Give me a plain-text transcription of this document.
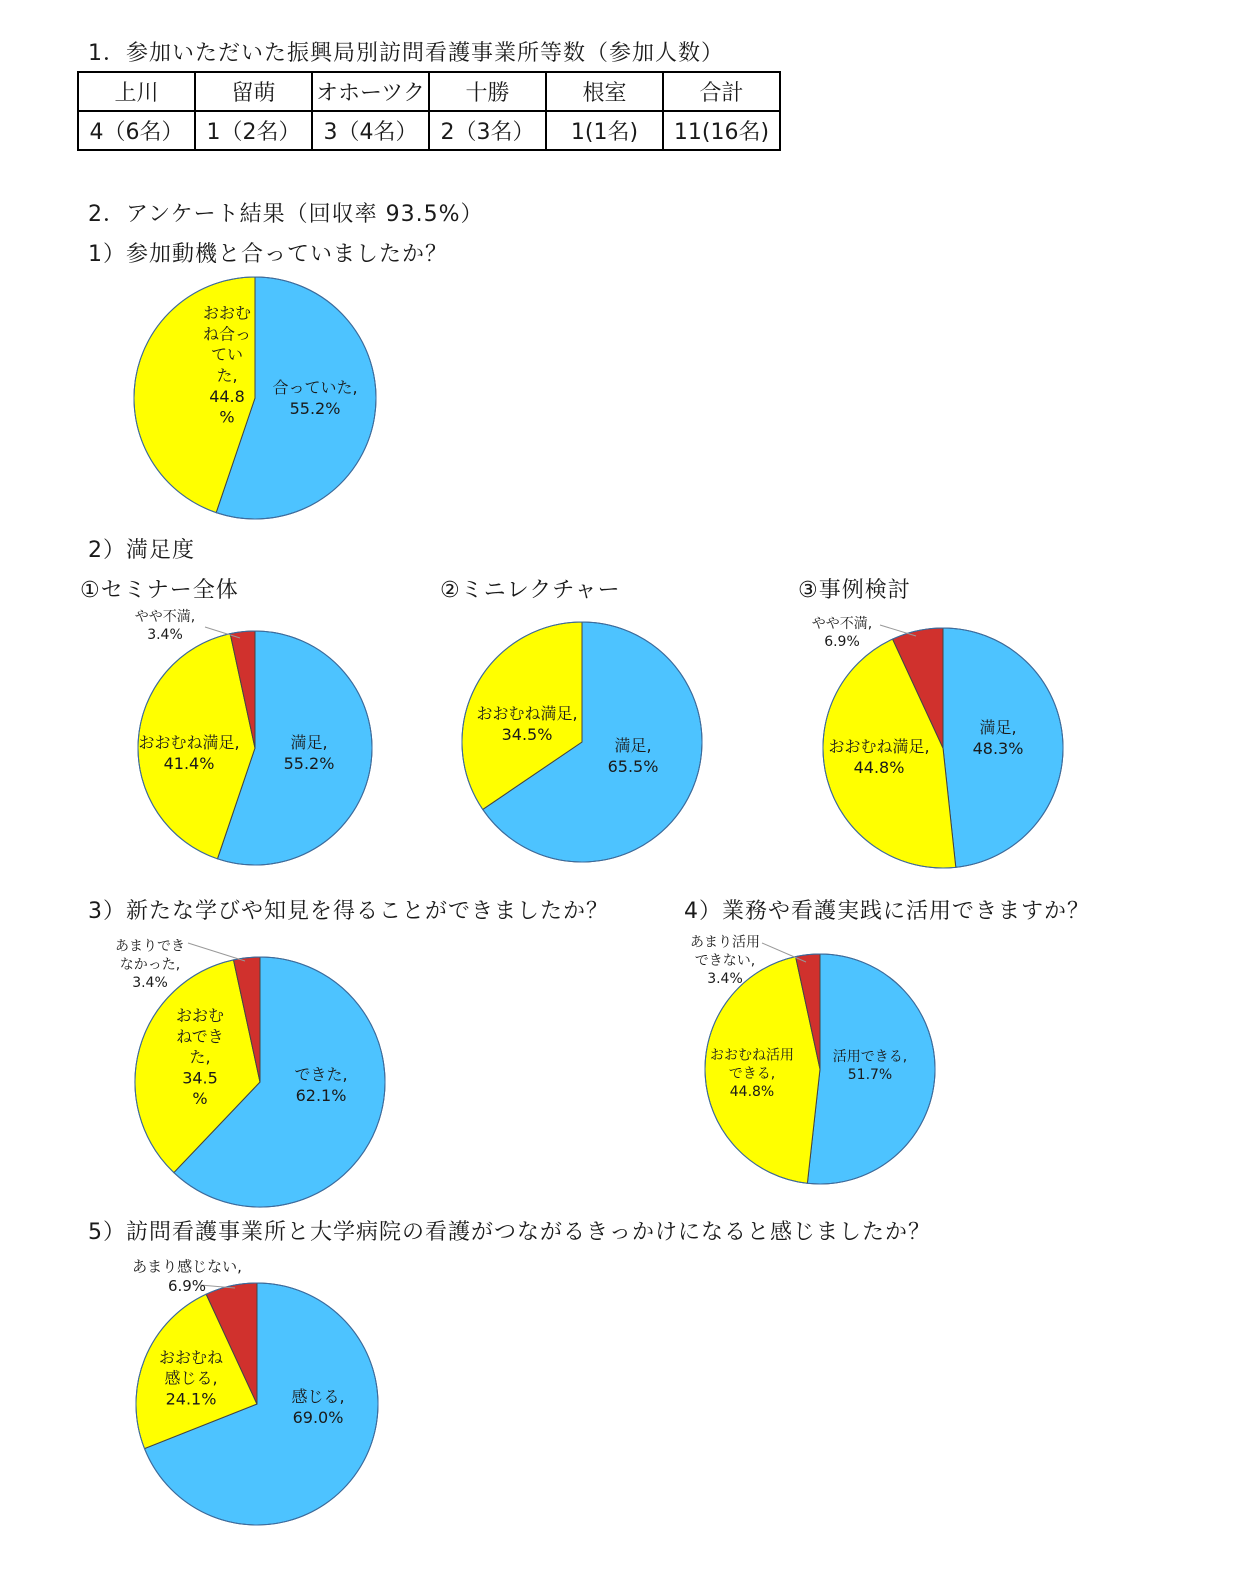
1．参加いただいた振興局別訪問看護事業所等数（参加人数）
上川	留萌	オホーツク	十勝	根室	合計
4（6名）	1（2名）	3（4名）	2（3名）	1(1名)	11(16名)
2．アンケート結果（回収率 93.5%）
1）参加動機と合っていましたか？
2）満足度
①セミナー全体	②ミニレクチャー	③事例検討
3）新たな学びや知見を得ることができましたか？	4）業務や看護実践に活用できますか？
5）訪問看護事業所と大学病院の看護がつながるきっかけになると感じましたか？
合っていた, 55.2%
おおむね合っていた, 44.8 %
満足, 55.2%
おおむね満足, 41.4%
やや不満, 3.4%
満足, 65.5%
おおむね満足, 34.5%	満足, 48.3%
おおむね満足, 44.8%
やや不満, 6.9%
できた, 62.1%
おおむねできた, 34.5 %
あまりできなかった, 3.4%
活用できる, 51.7%
おおむね活用できる, 44.8%
あまり活用できない, 3.4%
感じる, 69.0%
おおむね感じる, 24.1%
あまり感じない, 6.9%
